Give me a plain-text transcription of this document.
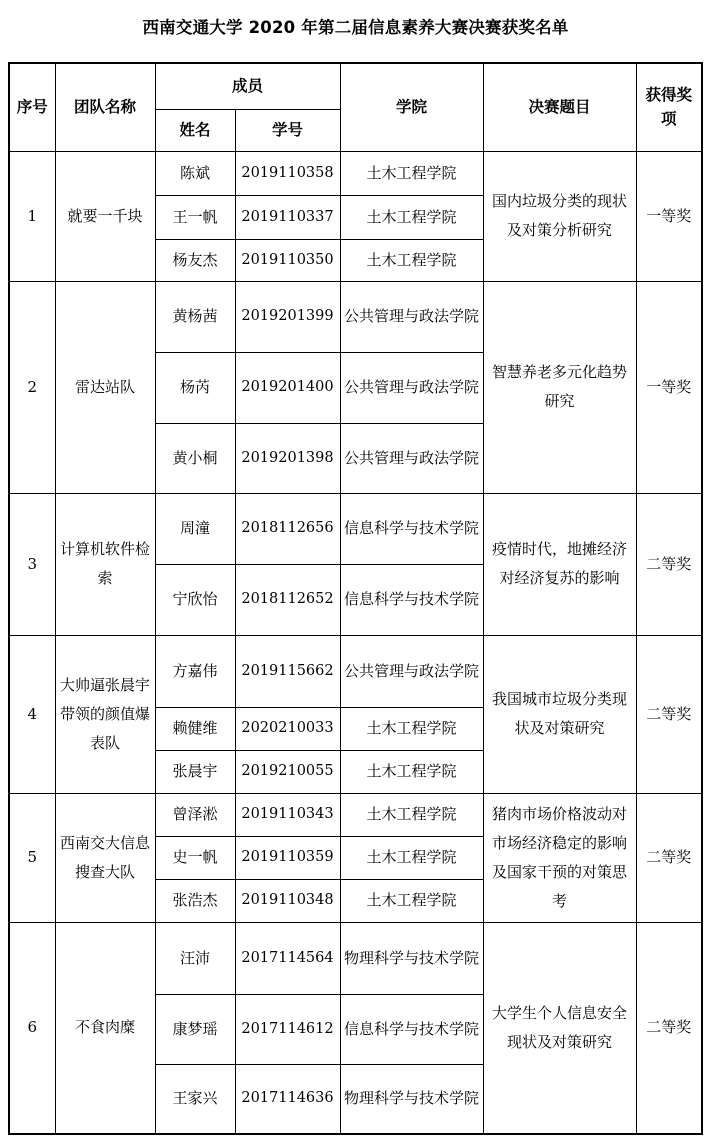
西南交通大学 2020 年第二届信息素养大赛决赛获奖名单
序号	团队名称	成员		学院	决赛题目	获得奖项
		姓名	学号			
1	就要一千块	陈斌	2019110358	土木工程学院	国内垃圾分类的现状及对策分析研究	一等奖
		王一帆	2019110337	土木工程学院		
		杨友杰	2019110350	土木工程学院		
2	雷达站队	黄杨茜	2019201399	公共管理与政法学院	智慧养老多元化趋势研究	一等奖
		杨芮	2019201400	公共管理与政法学院		
		黄小桐	2019201398	公共管理与政法学院		
3	计算机软件检索	周潼	2018112656	信息科学与技术学院	疫情时代，地摊经济对经济复苏的影响	二等奖
		宁欣怡	2018112652	信息科学与技术学院		
4	大帅逼张晨宇带领的颜值爆表队	方嘉伟	2019115662	公共管理与政法学院	我国城市垃圾分类现状及对策研究	二等奖
		赖健维	2020210033	土木工程学院		
		张晨宇	2019210055	土木工程学院		
5	西南交大信息搜查大队	曾泽淞	2019110343	土木工程学院	猪肉市场价格波动对市场经济稳定的影响及国家干预的对策思考	二等奖
		史一帆	2019110359	土木工程学院		
		张浩杰	2019110348	土木工程学院		
6	不食肉糜	汪沛	2017114564	物理科学与技术学院	大学生个人信息安全现状及对策研究	二等奖
		康梦瑶	2017114612	信息科学与技术学院		
		王家兴	2017114636	物理科学与技术学院		
